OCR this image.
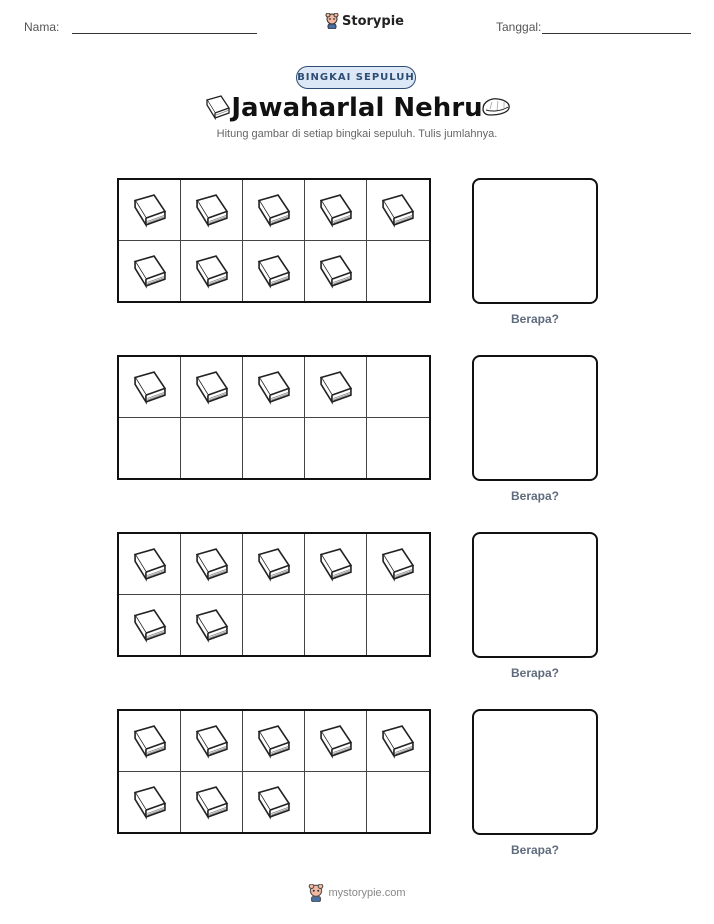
Nama:	Storypie	Tanggal:
BINGKAI SEPULUH
Jawaharlal Nehru
Hitung gambar di setiap bingkai sepuluh. Tulis jumlahnya.
Berapa?
Berapa?
Berapa?
Berapa?
mystorypie.com
